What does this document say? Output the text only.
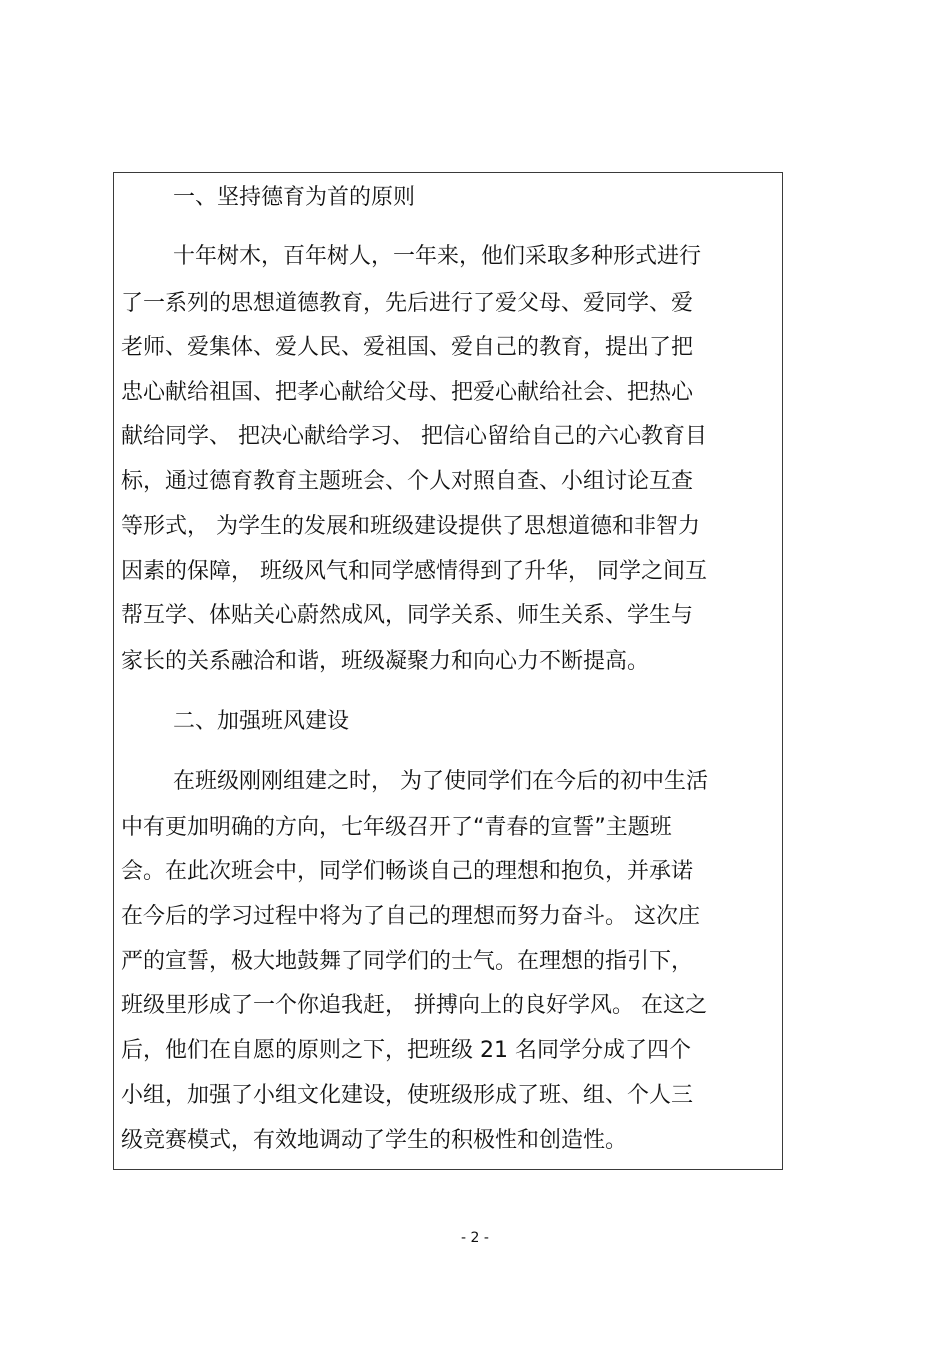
一、坚持德育为首的原则
十年树木，百年树人，一年来，他们采取多种形式进行
了一系列的思想道德教育，先后进行了爱父母、爱同学、爱
老师、爱集体、爱人民、爱祖国、爱自己的教育，提出了把
忠心献给祖国、把孝心献给父母、把爱心献给社会、把热心
献给同学、 把决心献给学习、 把信心留给自己的六心教育目
标，通过德育教育主题班会、个人对照自查、小组讨论互查
等形式， 为学生的发展和班级建设提供了思想道德和非智力
因素的保障， 班级风气和同学感情得到了升华， 同学之间互
帮互学、体贴关心蔚然成风，同学关系、师生关系、学生与
家长的关系融洽和谐，班级凝聚力和向心力不断提高。
二、加强班风建设
在班级刚刚组建之时， 为了使同学们在今后的初中生活
中有更加明确的方向，七年级召开了“青春的宣誓”主题班
会。在此次班会中，同学们畅谈自己的理想和抱负，并承诺
在今后的学习过程中将为了自己的理想而努力奋斗。 这次庄
严的宣誓，极大地鼓舞了同学们的士气。在理想的指引下，
班级里形成了一个你追我赶， 拼搏向上的良好学风。 在这之
后，他们在自愿的原则之下，把班级 21 名同学分成了四个
小组，加强了小组文化建设，使班级形成了班、组、个人三
级竞赛模式，有效地调动了学生的积极性和创造性。
- 2 -
